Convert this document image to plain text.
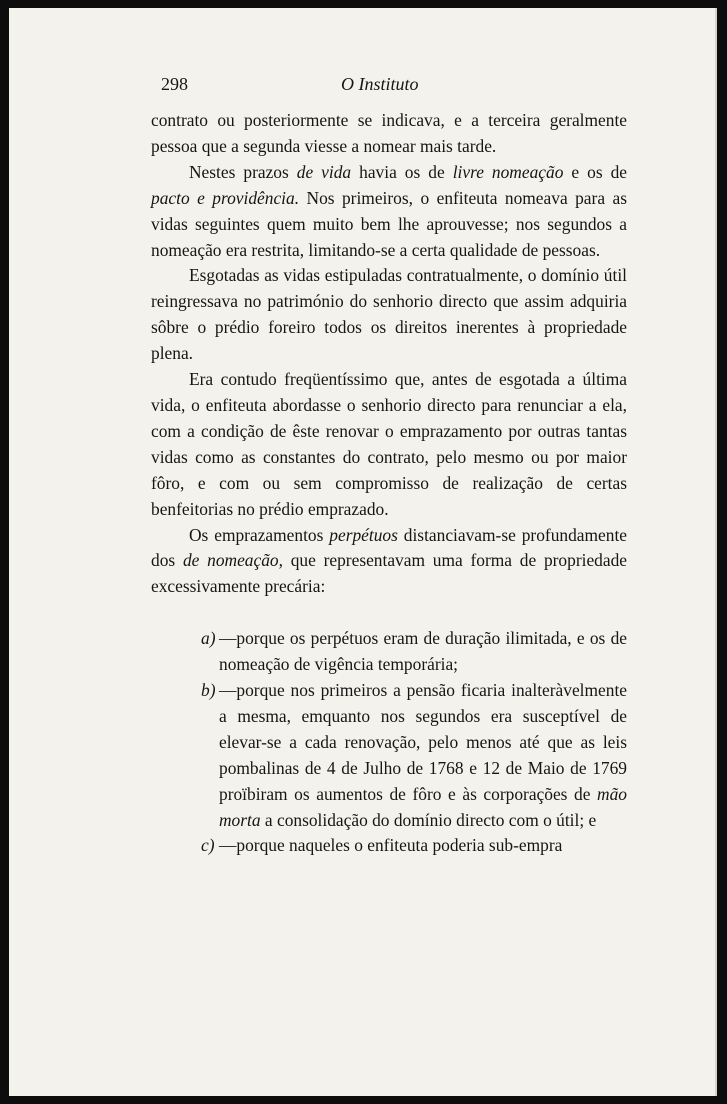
298	O Instituto

contrato ou posteriormente se indicava, e a terceira geralmente pessoa que a segunda viesse a nomear mais tarde.

Nestes prazos de vida havia os de livre nomeação e os de pacto e providência. Nos primeiros, o enfiteuta nomeava para as vidas seguintes quem muito bem lhe aprouvesse; nos segundos a nomeação era restrita, limitando-se a certa qualidade de pessoas.

Esgotadas as vidas estipuladas contratualmente, o domínio útil reingressava no património do senhorio directo que assim adquiria sôbre o prédio foreiro todos os direitos inerentes à propriedade plena.

Era contudo freqüentíssimo que, antes de esgotada a última vida, o enfiteuta abordasse o senhorio directo para renunciar a ela, com a condição de êste renovar o emprazamento por outras tantas vidas como as constantes do contrato, pelo mesmo ou por maior fôro, e com ou sem compromisso de realização de certas benfeitorias no prédio emprazado.

Os emprazamentos perpétuos distanciavam-se profundamente dos de nomeação, que representavam uma forma de propriedade excessivamente precária:

a) —porque os perpétuos eram de duração ilimitada, e os de nomeação de vigência temporária;

b) —porque nos primeiros a pensão ficaria inalteràvelmente a mesma, emquanto nos segundos era susceptível de elevar-se a cada renovação, pelo menos até que as leis pombalinas de 4 de Julho de 1768 e 12 de Maio de 1769 proïbiram os aumentos de fôro e às corporações de mão morta a consolidação do domínio directo com o útil; e

c) —porque naqueles o enfiteuta poderia sub-empra
